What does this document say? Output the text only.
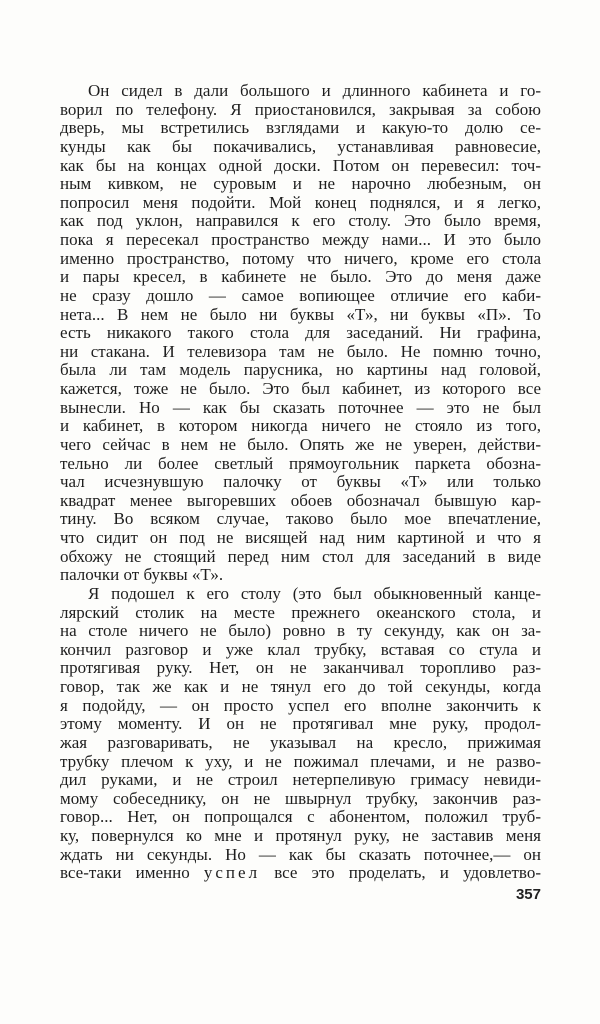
Он сидел в дали большого и длинного кабинета и го-
ворил по телефону. Я приостановился, закрывая за собою
дверь, мы встретились взглядами и какую-то долю се-
кунды как бы покачивались, устанавливая равновесие,
как бы на концах одной доски. Потом он перевесил: точ-
ным кивком, не суровым и не нарочно любезным, он
попросил меня подойти. Мой конец поднялся, и я легко,
как под уклон, направился к его столу. Это было время,
пока я пересекал пространство между нами... И это было
именно пространство, потому что ничего, кроме его стола
и пары кресел, в кабинете не было. Это до меня даже
не сразу дошло — самое вопиющее отличие его каби-
нета... В нем не было ни буквы «Т», ни буквы «П». То
есть никакого такого стола для заседаний. Ни графина,
ни стакана. И телевизора там не было. Не помню точно,
была ли там модель парусника, но картины над головой,
кажется, тоже не было. Это был кабинет, из которого все
вынесли. Но — как бы сказать поточнее — это не был
и кабинет, в котором никогда ничего не стояло из того,
чего сейчас в нем не было. Опять же не уверен, действи-
тельно ли более светлый прямоугольник паркета обозна-
чал исчезнувшую палочку от буквы «Т» или только
квадрат менее выгоревших обоев обозначал бывшую кар-
тину. Во всяком случае, таково было мое впечатление,
что сидит он под не висящей над ним картиной и что я
обхожу не стоящий перед ним стол для заседаний в виде
палочки от буквы «Т».
Я подошел к его столу (это был обыкновенный канце-
лярский столик на месте прежнего океанского стола, и
на столе ничего не было) ровно в ту секунду, как он за-
кончил разговор и уже клал трубку, вставая со стула и
протягивая руку. Нет, он не заканчивал торопливо раз-
говор, так же как и не тянул его до той секунды, когда
я подойду, — он просто успел его вполне закончить к
этому моменту. И он не протягивал мне руку, продол-
жая разговаривать, не указывал на кресло, прижимая
трубку плечом к уху, и не пожимал плечами, и не разво-
дил руками, и не строил нетерпеливую гримасу невиди-
мому собеседнику, он не швырнул трубку, закончив раз-
говор... Нет, он попрощался с абонентом, положил труб-
ку, повернулся ко мне и протянул руку, не заставив меня
ждать ни секунды. Но — как бы сказать поточнее,— он
все-таки именно успел все это проделать, и удовлетво-
357
